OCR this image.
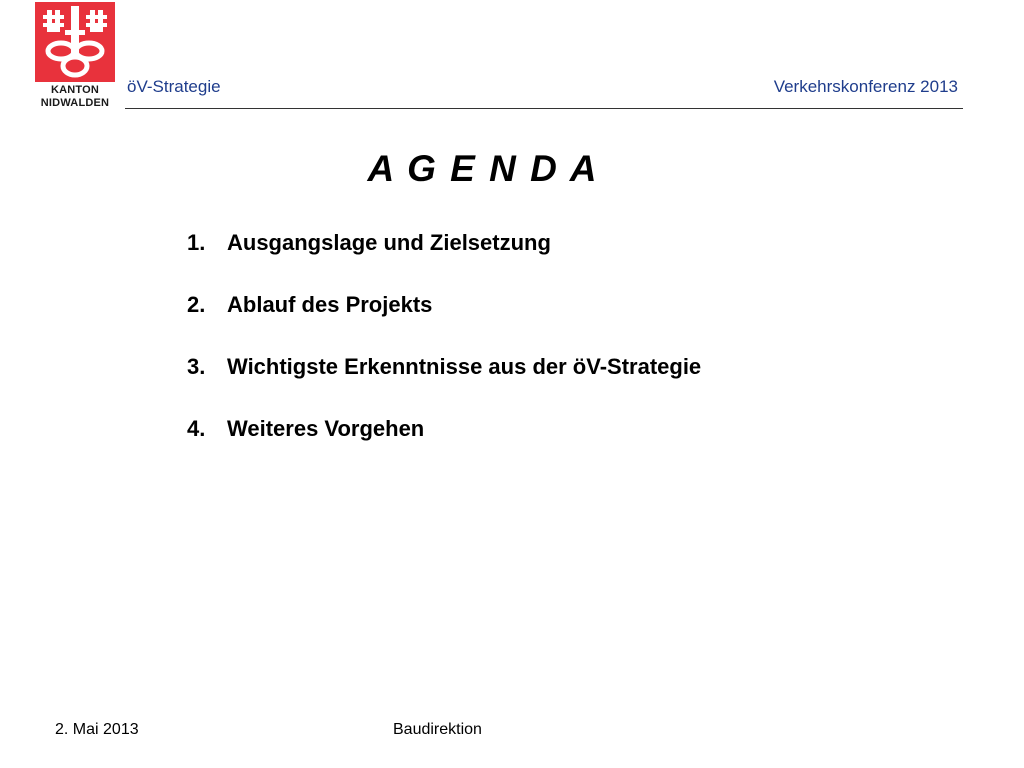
KANTON
NIDWALDEN
öV-Strategie	Verkehrskonferenz 2013
A G E N D A
1. Ausgangslage und Zielsetzung
2. Ablauf des Projekts
3. Wichtigste Erkenntnisse aus der öV-Strategie
4. Weiteres Vorgehen
2. Mai 2013	Baudirektion
